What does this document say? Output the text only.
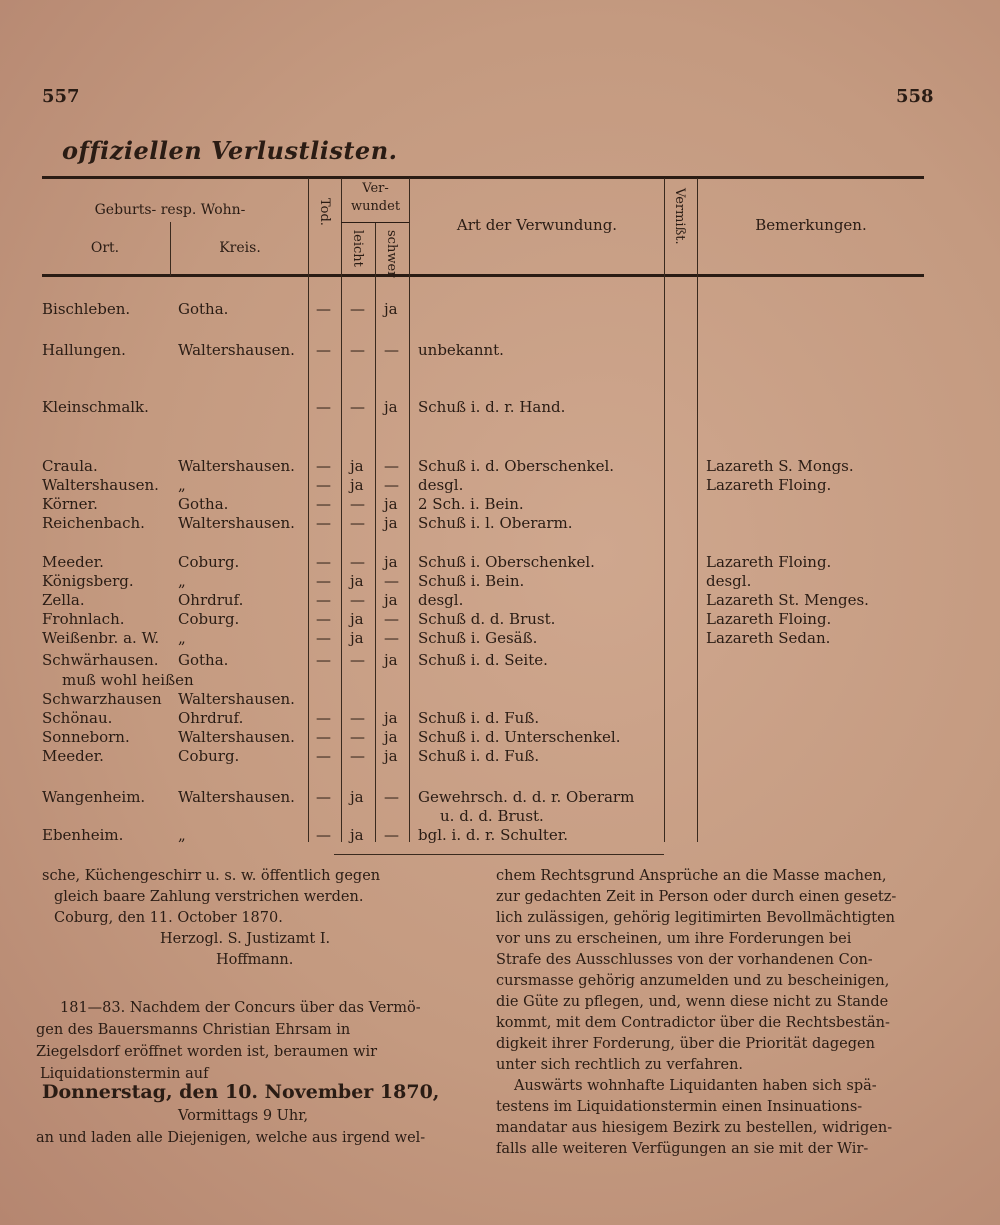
557	558
offiziellen Verlustlisten.
Geburts- resp. Wohn-
Ort.	Kreis.
Tod.
Ver-
wundet
leicht schwer
Art der Verwundung.	Vermißt.	Bemerkungen.
Bischleben.	Gotha.	— — ja
Hallungen.	Waltershausen. — — — unbekannt.
Kleinschmalk.	— — ja Schuß i. d. r. Hand.
Craula.	Waltershausen. — ja — Schuß i. d. Oberschenkel.	Lazareth S. Mongs.
Waltershausen. „	— ja — desgl.	Lazareth Floing.
Körner.	Gotha.	— — ja 2 Sch. i. Bein.
Reichenbach. Waltershausen. — — ja Schuß i. l. Oberarm.
Meeder.	Coburg.	— — ja Schuß i. Oberschenkel.	Lazareth Floing.
Königsberg.	„	— ja — Schuß i. Bein.	desgl.
Zella.	Ohrdruf.	— — ja desgl.	Lazareth St. Menges.
Frohnlach.	Coburg.	— ja — Schuß d. d. Brust.	Lazareth Floing.
Weißenbr. a. W. „	— ja — Schuß i. Gesäß.	Lazareth Sedan.
Schwärhausen. Gotha.	— — ja Schuß i. d. Seite.
muß wohl heißen
Schwarzhausen Waltershausen.
Schönau.	Ohrdruf.	— — ja Schuß i. d. Fuß.
Sonneborn.	Waltershausen. — — ja Schuß i. d. Unterschenkel.
Meeder.	Coburg.	— — ja Schuß i. d. Fuß.
Wangenheim. Waltershausen. — ja — Gewehrsch. d. d. r. Oberarm
u. d. d. Brust.
Ebenheim.	„	— ja — bgl. i. d. r. Schulter.
sche, Küchengeschirr u. s. w. öffentlich gegen
gleich baare Zahlung verstrichen werden.
Coburg, den 11. October 1870.
Herzogl. S. Justizamt I.
Hoffmann.
181—83. Nachdem der Concurs über das Vermö-
gen des Bauersmanns Christian Ehrsam in
Ziegelsdorf eröffnet worden ist, beraumen wir
Liquidationstermin auf
Donnerstag, den 10. November 1870,
Vormittags 9 Uhr,
an und laden alle Diejenigen, welche aus irgend wel-
chem Rechtsgrund Ansprüche an die Masse machen,
zur gedachten Zeit in Person oder durch einen gesetz-
lich zulässigen, gehörig legitimirten Bevollmächtigten
vor uns zu erscheinen, um ihre Forderungen bei
Strafe des Ausschlusses von der vorhandenen Con-
cursmasse gehörig anzumelden und zu bescheinigen,
die Güte zu pflegen, und, wenn diese nicht zu Stande
kommt, mit dem Contradictor über die Rechtsbestän-
digkeit ihrer Forderung, über die Priorität dagegen
unter sich rechtlich zu verfahren.
Auswärts wohnhafte Liquidanten haben sich spä-
testens im Liquidationstermin einen Insinuations-
mandatar aus hiesigem Bezirk zu bestellen, widrigen-
falls alle weiteren Verfügungen an sie mit der Wir-
